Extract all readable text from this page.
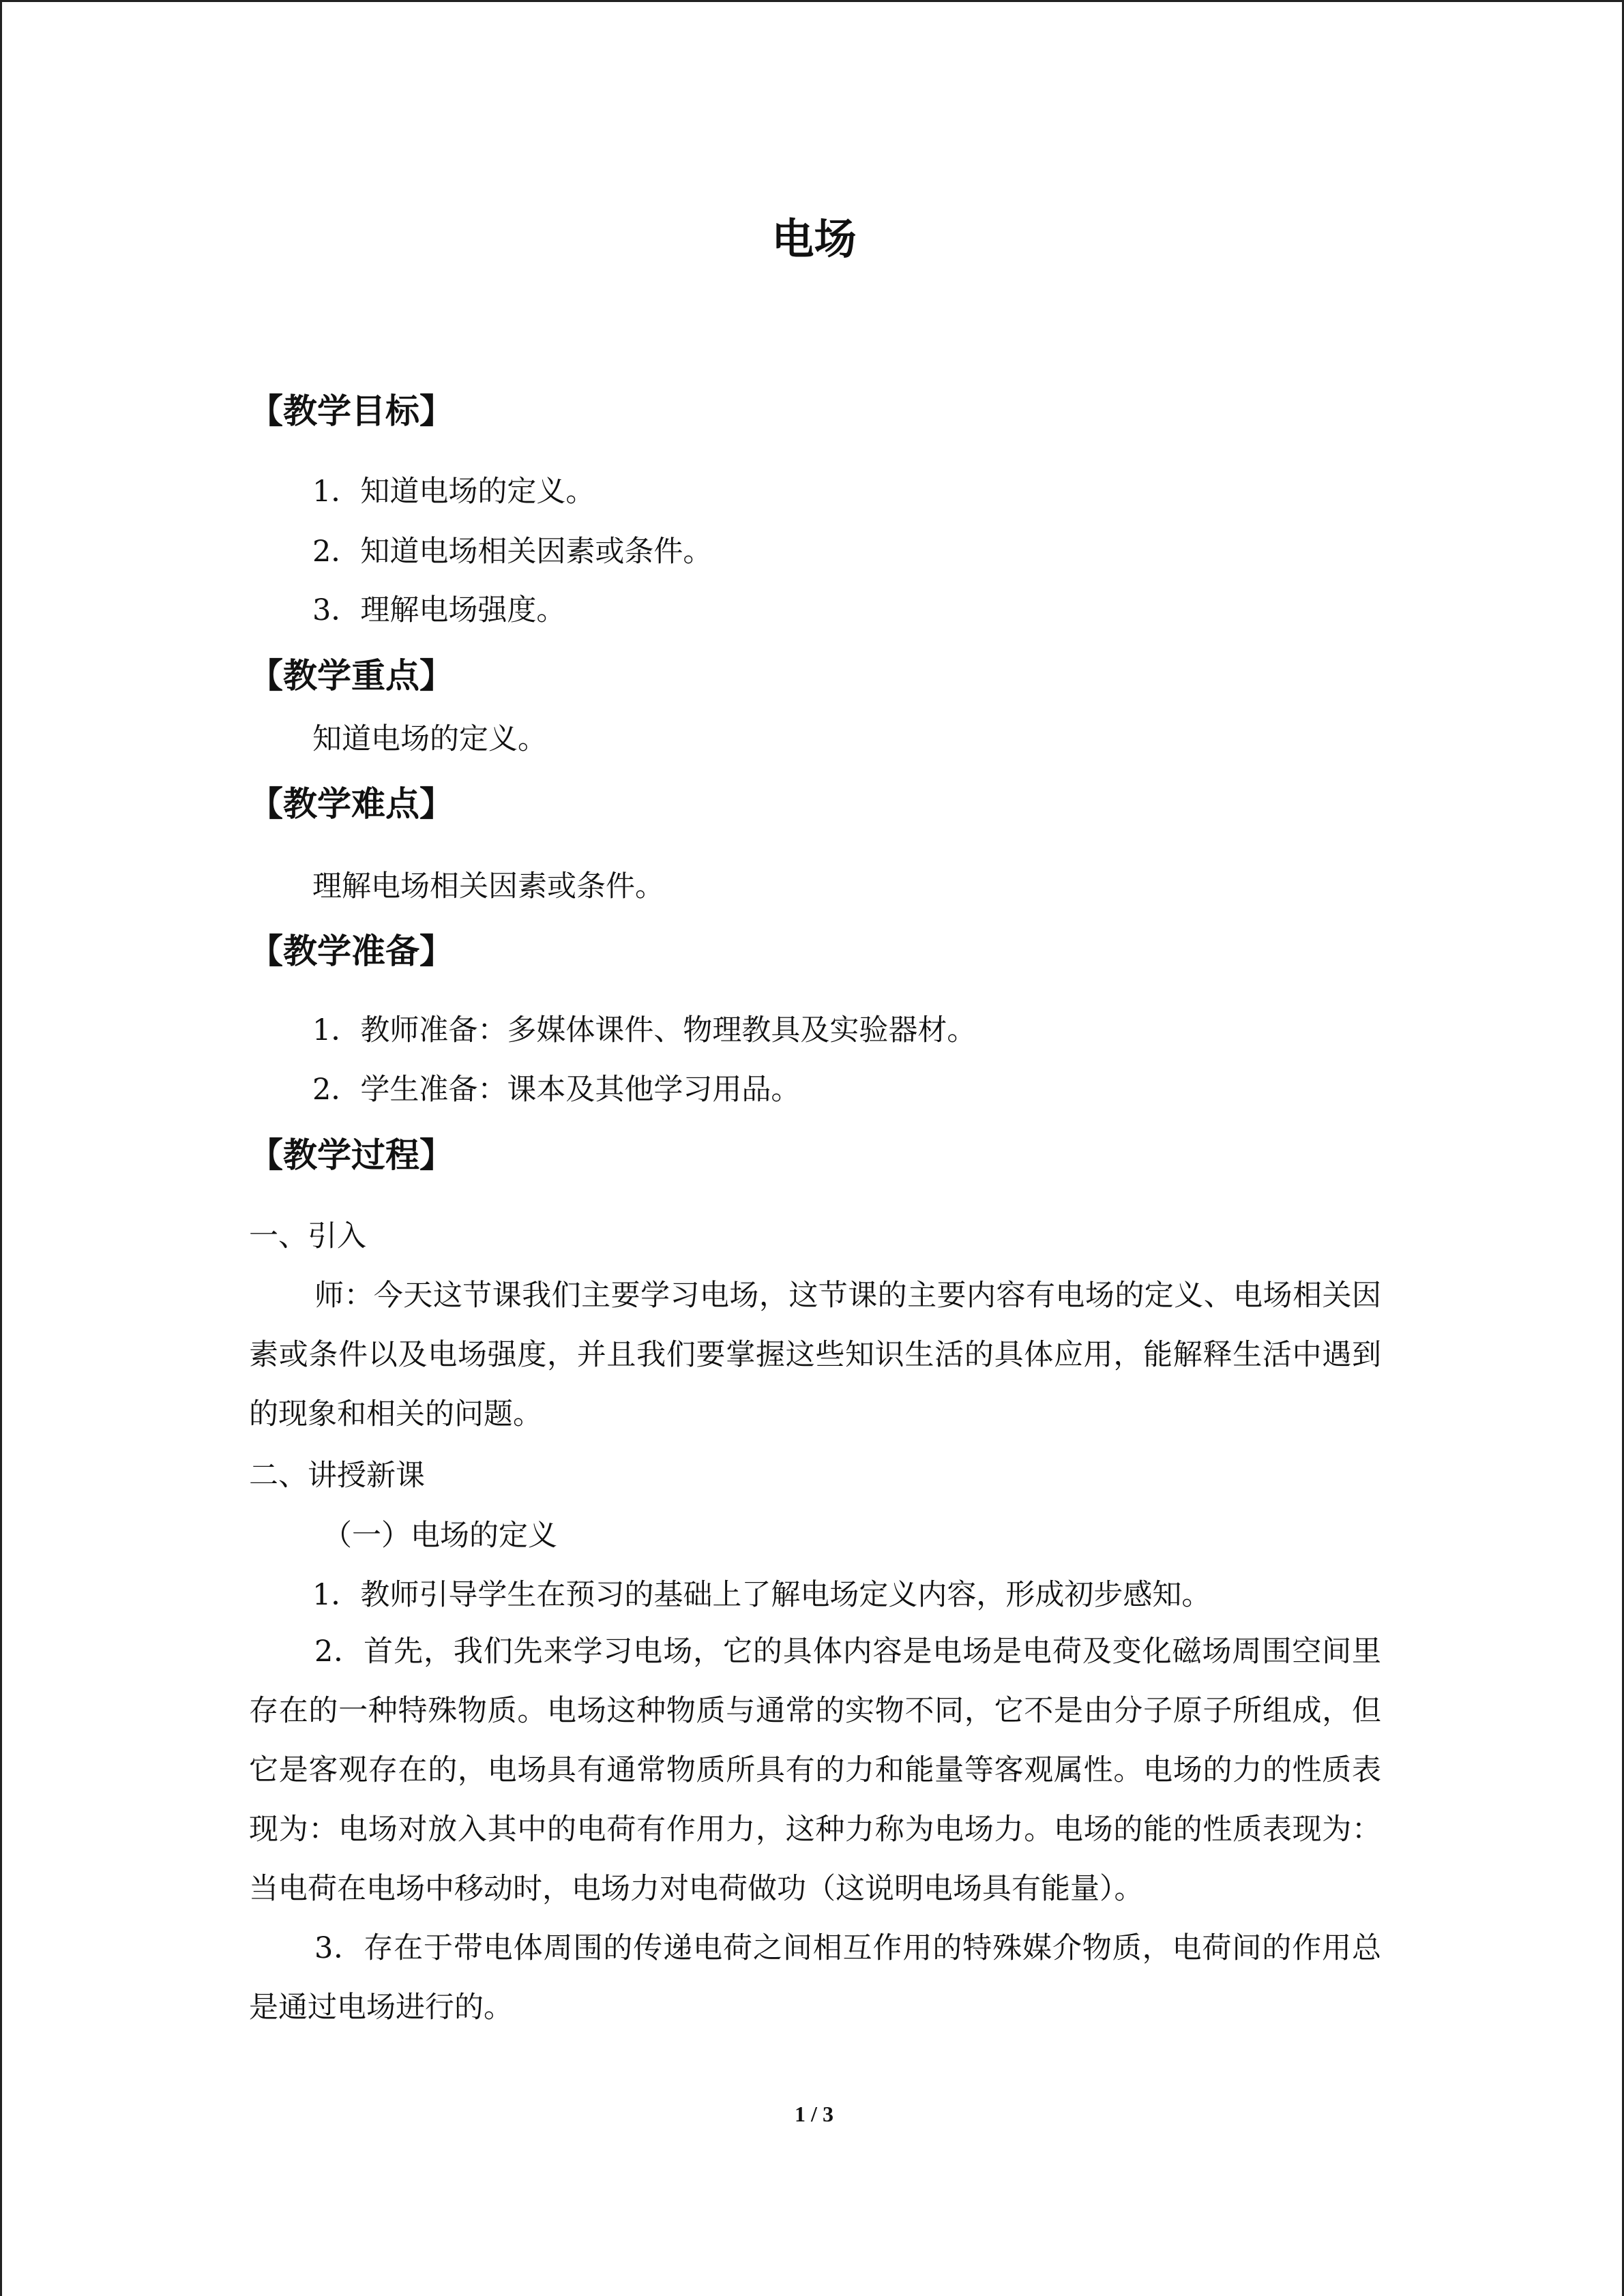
电场
【教学目标】

1．知道电场的定义。

2．知道电场相关因素或条件。

3．理解电场强度。

【教学重点】

知道电场的定义。

【教学难点】

理解电场相关因素或条件。

【教学准备】

1．教师准备：多媒体课件、物理教具及实验器材。

2．学生准备：课本及其他学习用品。

【教学过程】

一、引入

师：今天这节课我们主要学习电场，这节课的主要内容有电场的定义、电场相关因素或条件以及电场强度，并且我们要掌握这些知识生活的具体应用，能解释生活中遇到的现象和相关的问题。

二、讲授新课

（一）电场的定义

1．教师引导学生在预习的基础上了解电场定义内容，形成初步感知。

2．首先，我们先来学习电场，它的具体内容是电场是电荷及变化磁场周围空间里存在的一种特殊物质。电场这种物质与通常的实物不同，它不是由分子原子所组成，但它是客观存在的，电场具有通常物质所具有的力和能量等客观属性。电场的力的性质表现为：电场对放入其中的电荷有作用力，这种力称为电场力。电场的能的性质表现为：当电荷在电场中移动时，电场力对电荷做功（这说明电场具有能量）。

3．存在于带电体周围的传递电荷之间相互作用的特殊媒介物质，电荷间的作用总是通过电场进行的。

1 / 3
